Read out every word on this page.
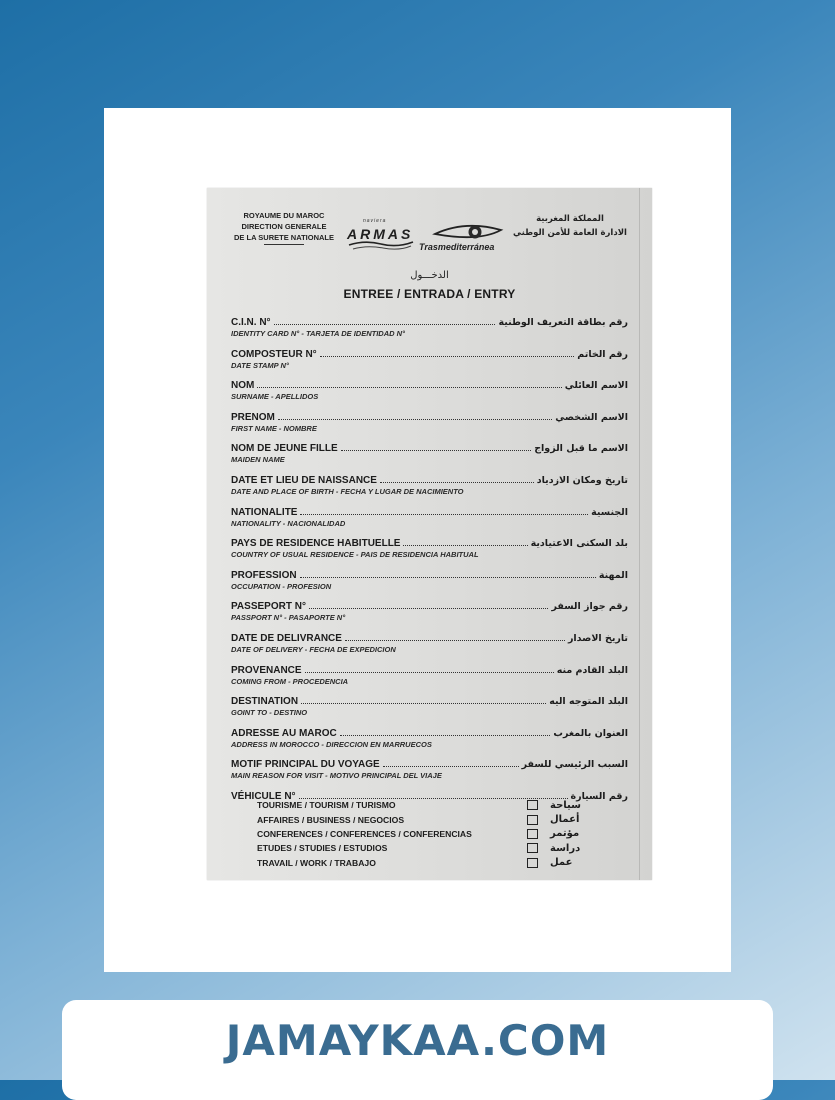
ROYAUME DU MAROC
DIRECTION GENERALE
DE LA SURETE NATIONALE
naviera
ARMAS
Trasmediterránea
المملكة المغربية
الادارة العامة للأمن الوطني
الدخـــول
ENTREE / ENTRADA / ENTRY
C.I.N. N°	رقم بطاقة التعريف الوطنية
IDENTITY CARD N° - TARJETA DE IDENTIDAD N°
COMPOSTEUR N°	رقم الخاتم
DATE STAMP N°
NOM	الاسم العائلي
SURNAME - APELLIDOS
PRENOM	الاسم الشخصي
FIRST NAME - NOMBRE
NOM DE JEUNE FILLE	الاسم ما قبل الزواج
MAIDEN NAME
DATE ET LIEU DE NAISSANCE	تاريخ ومكان الازدياد
DATE AND PLACE OF BIRTH - FECHA Y LUGAR DE NACIMIENTO
NATIONALITE	الجنسية
NATIONALITY - NACIONALIDAD
PAYS DE RESIDENCE HABITUELLE	بلد السكنى الاعتيادية
COUNTRY OF USUAL RESIDENCE - PAIS DE RESIDENCIA HABITUAL
PROFESSION	المهنة
OCCUPATION - PROFESION
PASSEPORT N°	رقم جواز السفر
PASSPORT N° - PASAPORTE N°
DATE DE DELIVRANCE	تاريخ الاصدار
DATE OF DELIVERY - FECHA DE EXPEDICION
PROVENANCE	البلد القادم منه
COMING FROM - PROCEDENCIA
DESTINATION	البلد المتوجه اليه
GOINT TO - DESTINO
ADRESSE AU MAROC	العنوان بالمغرب
ADDRESS IN MOROCCO - DIRECCION EN MARRUECOS
MOTIF PRINCIPAL DU VOYAGE	السبب الرئيسي للسفر
MAIN REASON FOR VISIT - MOTIVO PRINCIPAL DEL VIAJE
VÉHICULE N°	رقم السيارة
TOURISME / TOURISM / TURISMO	سياحة
AFFAIRES / BUSINESS / NEGOCIOS	أعمال
CONFERENCES / CONFERENCES / CONFERENCIAS	مؤتمر
ETUDES / STUDIES / ESTUDIOS	دراسة
TRAVAIL / WORK / TRABAJO	عمل
JAMAYKAA.COM
